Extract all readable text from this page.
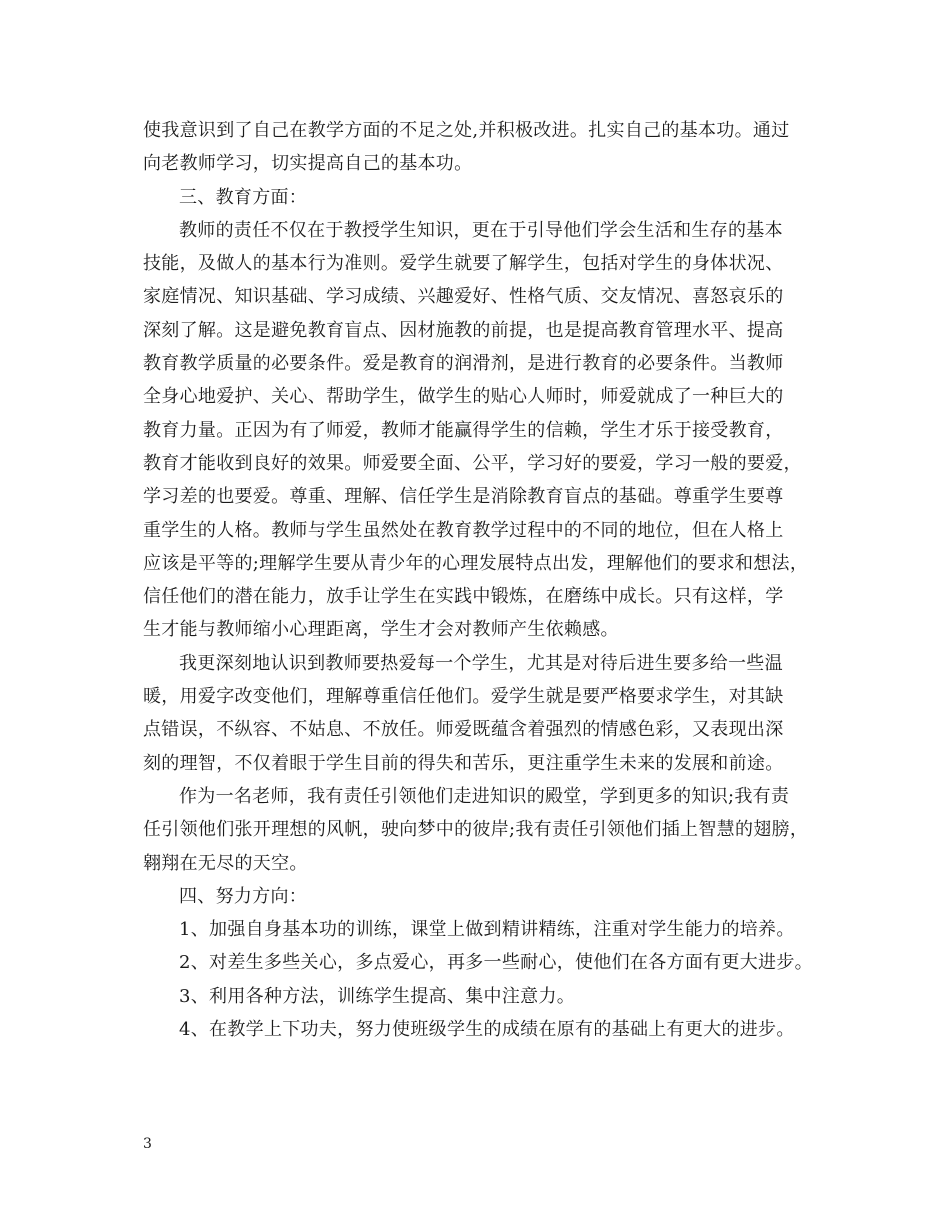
使我意识到了自己在教学方面的不足之处,并积极改进。扎实自己的基本功。通过
向老教师学习，切实提高自己的基本功。
三、教育方面：
教师的责任不仅在于教授学生知识，更在于引导他们学会生活和生存的基本
技能，及做人的基本行为准则。爱学生就要了解学生，包括对学生的身体状况、
家庭情况、知识基础、学习成绩、兴趣爱好、性格气质、交友情况、喜怒哀乐的
深刻了解。这是避免教育盲点、因材施教的前提，也是提高教育管理水平、提高
教育教学质量的必要条件。爱是教育的润滑剂，是进行教育的必要条件。当教师
全身心地爱护、关心、帮助学生，做学生的贴心人师时，师爱就成了一种巨大的
教育力量。正因为有了师爱，教师才能赢得学生的信赖，学生才乐于接受教育，
教育才能收到良好的效果。师爱要全面、公平，学习好的要爱，学习一般的要爱，
学习差的也要爱。尊重、理解、信任学生是消除教育盲点的基础。尊重学生要尊
重学生的人格。教师与学生虽然处在教育教学过程中的不同的地位，但在人格上
应该是平等的;理解学生要从青少年的心理发展特点出发，理解他们的要求和想法，
信任他们的潜在能力，放手让学生在实践中锻炼，在磨练中成长。只有这样，学
生才能与教师缩小心理距离，学生才会对教师产生依赖感。
我更深刻地认识到教师要热爱每一个学生，尤其是对待后进生要多给一些温
暖，用爱字改变他们，理解尊重信任他们。爱学生就是要严格要求学生，对其缺
点错误，不纵容、不姑息、不放任。师爱既蕴含着强烈的情感色彩，又表现出深
刻的理智，不仅着眼于学生目前的得失和苦乐，更注重学生未来的发展和前途。
作为一名老师，我有责任引领他们走进知识的殿堂，学到更多的知识;我有责
任引领他们张开理想的风帆，驶向梦中的彼岸;我有责任引领他们插上智慧的翅膀，
翱翔在无尽的天空。
四、努力方向：
1、加强自身基本功的训练，课堂上做到精讲精练，注重对学生能力的培养。
2、对差生多些关心，多点爱心，再多一些耐心，使他们在各方面有更大进步。
3、利用各种方法，训练学生提高、集中注意力。
4、在教学上下功夫，努力使班级学生的成绩在原有的基础上有更大的进步。
3
